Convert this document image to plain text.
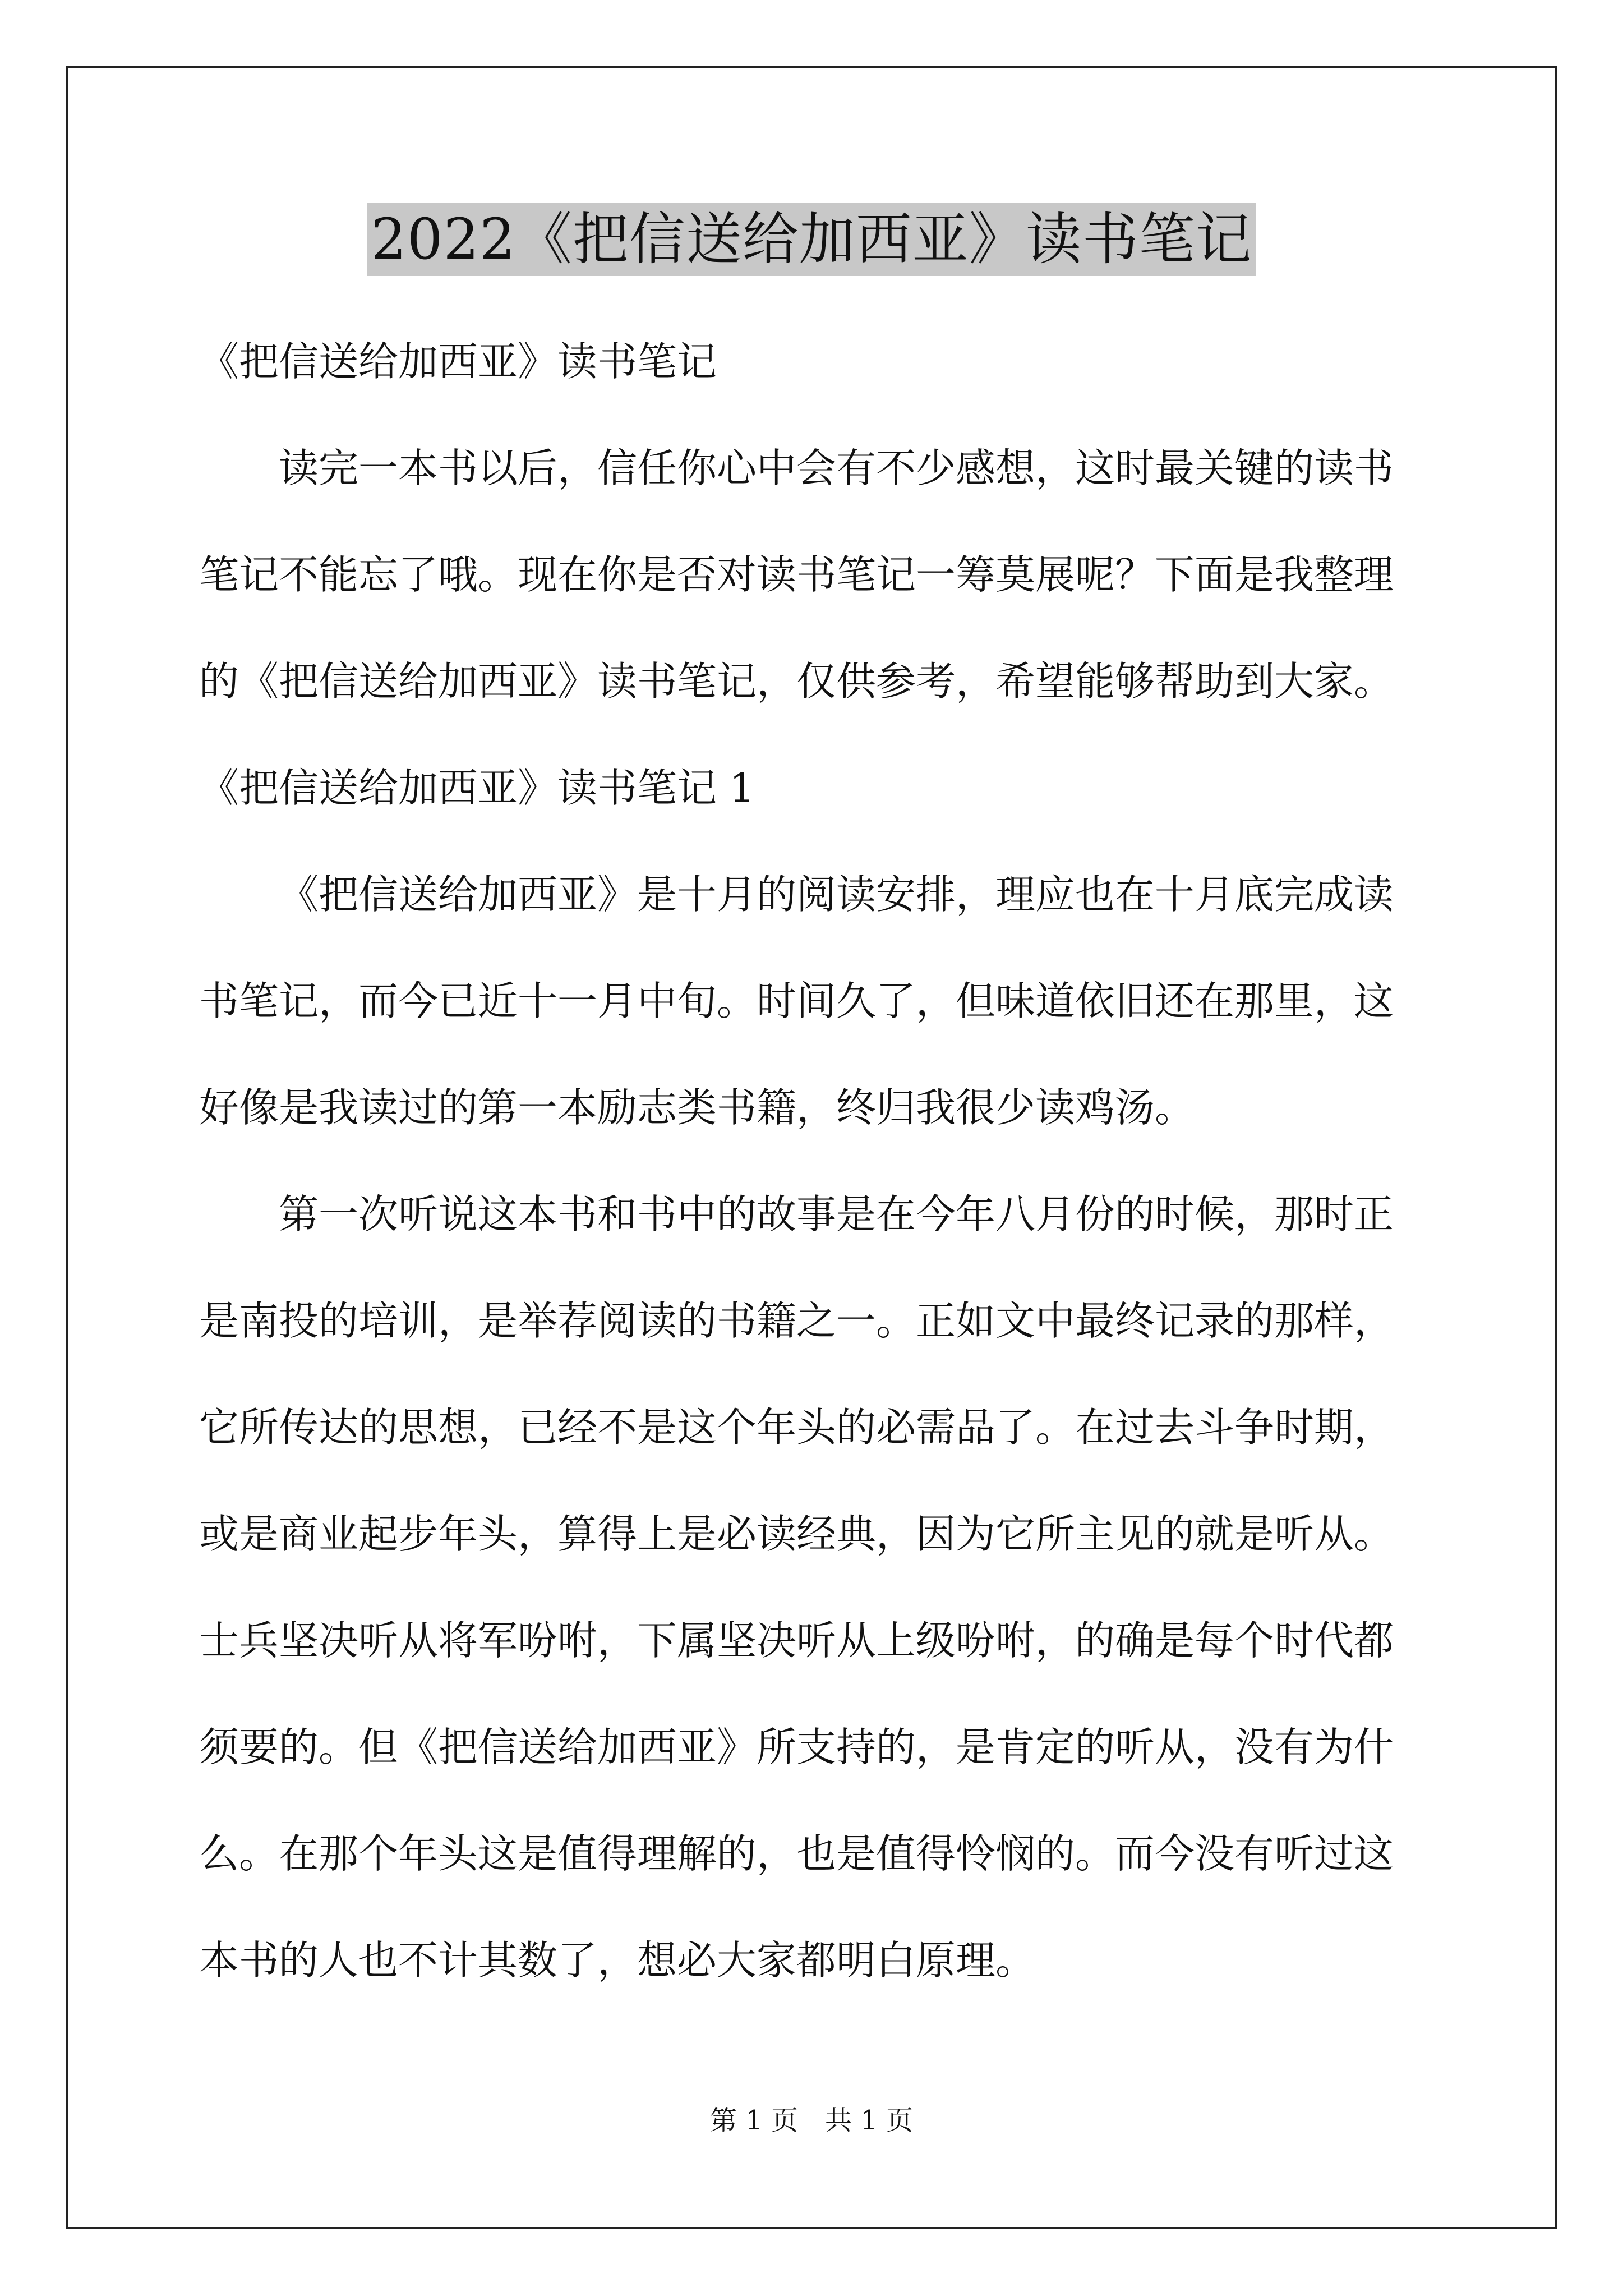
2022《把信送给加西亚》读书笔记
《把信送给加西亚》读书笔记
读完一本书以后，信任你心中会有不少感想，这时最关键的读书
笔记不能忘了哦。现在你是否对读书笔记一筹莫展呢？下面是我整理
的《把信送给加西亚》读书笔记，仅供参考，希望能够帮助到大家。
《把信送给加西亚》读书笔记 1
《把信送给加西亚》是十月的阅读安排，理应也在十月底完成读
书笔记，而今已近十一月中旬。时间久了，但味道依旧还在那里，这
好像是我读过的第一本励志类书籍，终归我很少读鸡汤。
第一次听说这本书和书中的故事是在今年八月份的时候，那时正
是南投的培训，是举荐阅读的书籍之一。正如文中最终记录的那样，
它所传达的思想，已经不是这个年头的必需品了。在过去斗争时期，
或是商业起步年头，算得上是必读经典，因为它所主见的就是听从。
士兵坚决听从将军吩咐，下属坚决听从上级吩咐，的确是每个时代都
须要的。但《把信送给加西亚》所支持的，是肯定的听从，没有为什
么。在那个年头这是值得理解的，也是值得怜悯的。而今没有听过这
本书的人也不计其数了，想必大家都明白原理。
第 1 页　共 1 页
